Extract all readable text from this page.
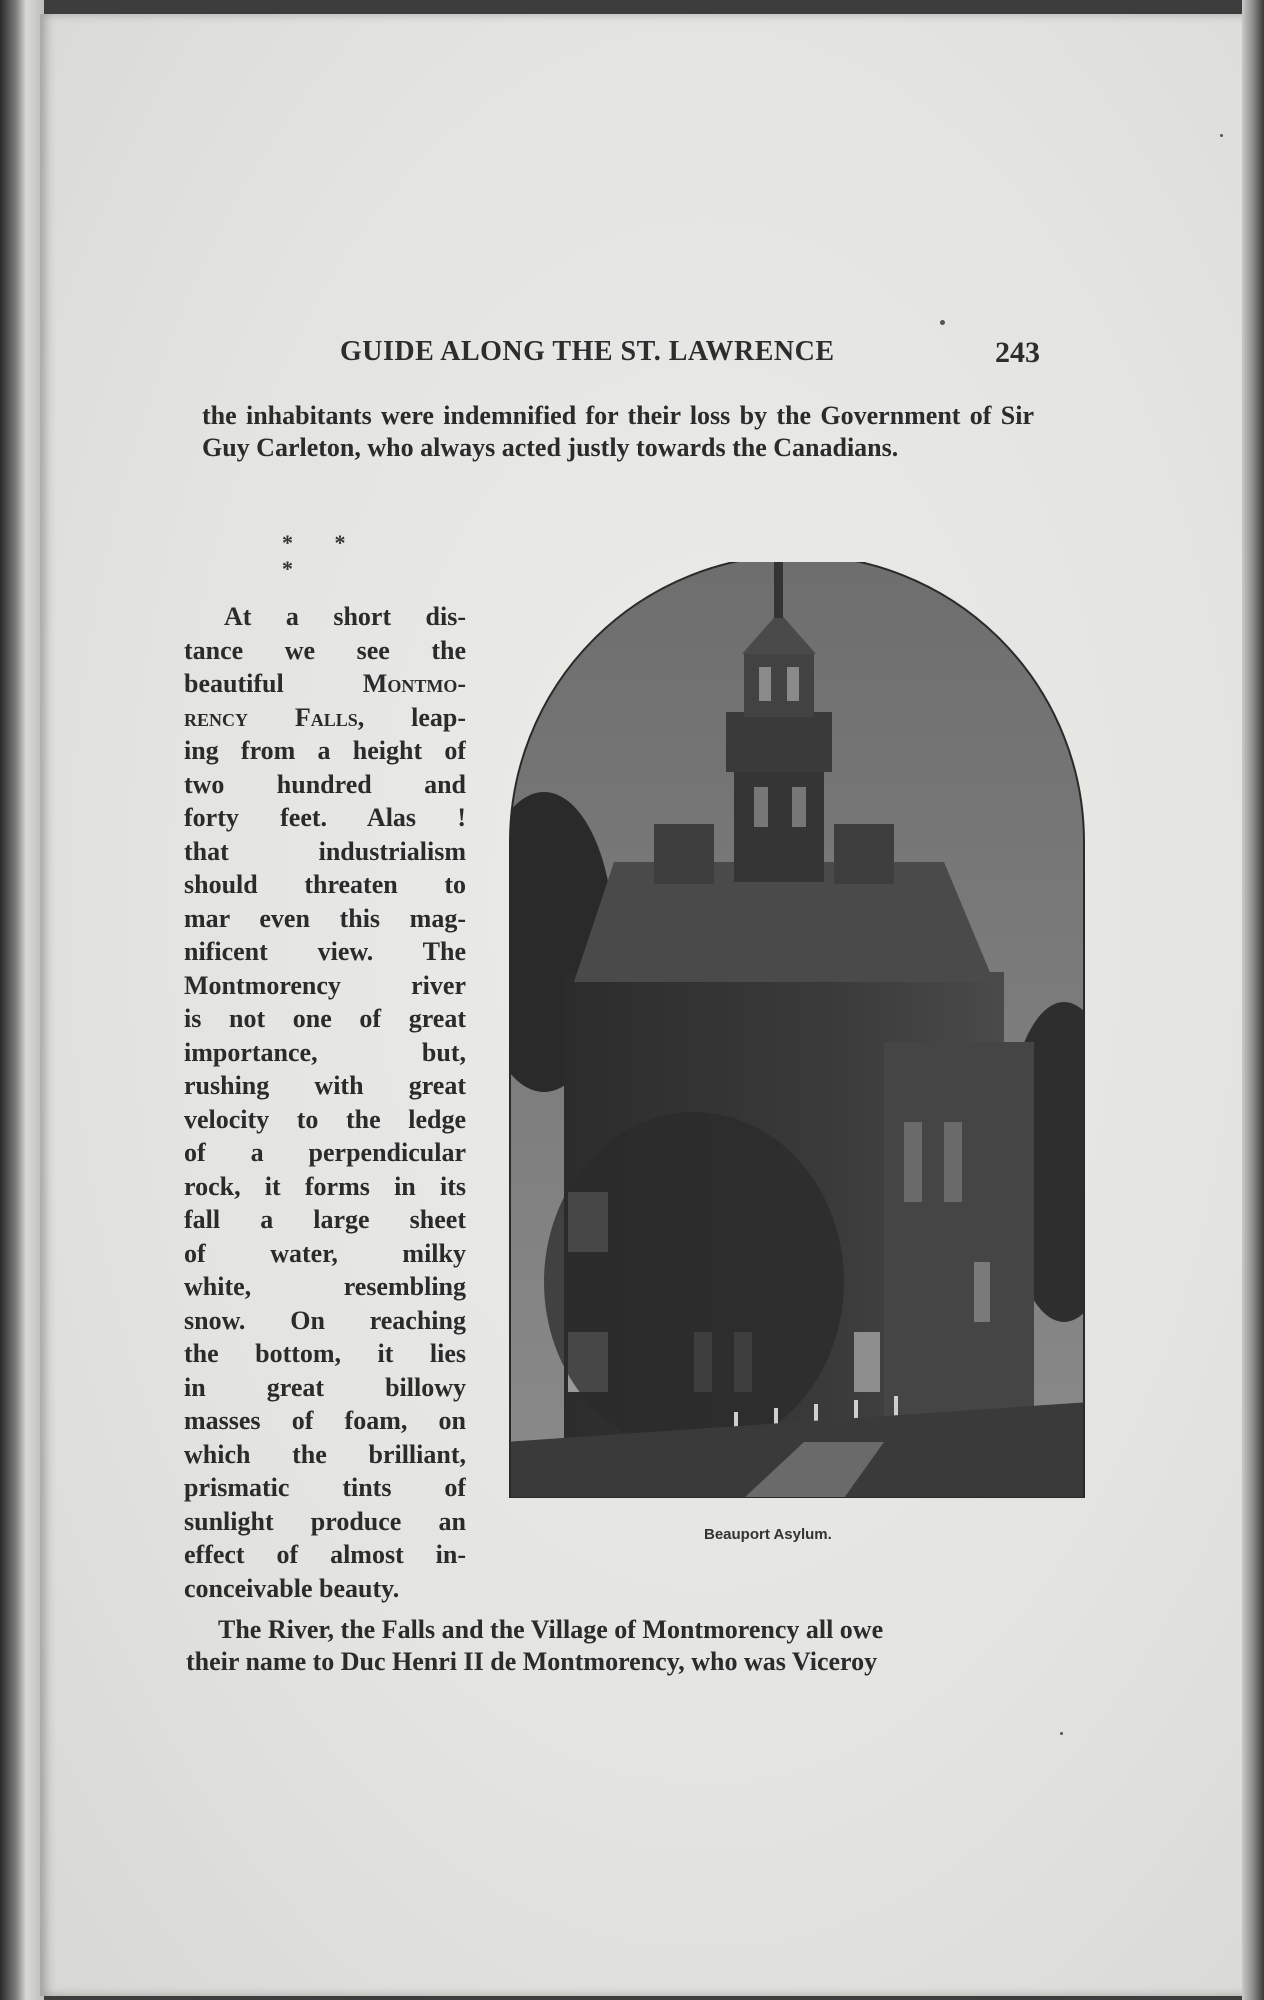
GUIDE ALONG THE ST. LAWRENCE	243

the inhabitants were indemnified for their loss by the Government of Sir Guy Carleton, who always acted justly towards the Canadians.

* * *
At a short dis-
tance we see the
beautiful Montmo-
rency Falls, leap-
ing from a height of
two hundred and
forty feet. Alas !
that industrialism
should threaten to
mar even this mag-
nificent view. The
Montmorency river
is not one of great
importance, but,
rushing with great
velocity to the ledge
of a perpendicular
rock, it forms in its
fall a large sheet
of water, milky
white, resembling
snow. On reaching
the bottom, it lies
in great billowy
masses of foam, on
which the brilliant,
prismatic tints of
sunlight produce an
effect of almost in-
conceivable beauty.
Beauport Asylum.
The River, the Falls and the Village of Montmorency all owe
their name to Duc Henri II de Montmorency, who was Viceroy
